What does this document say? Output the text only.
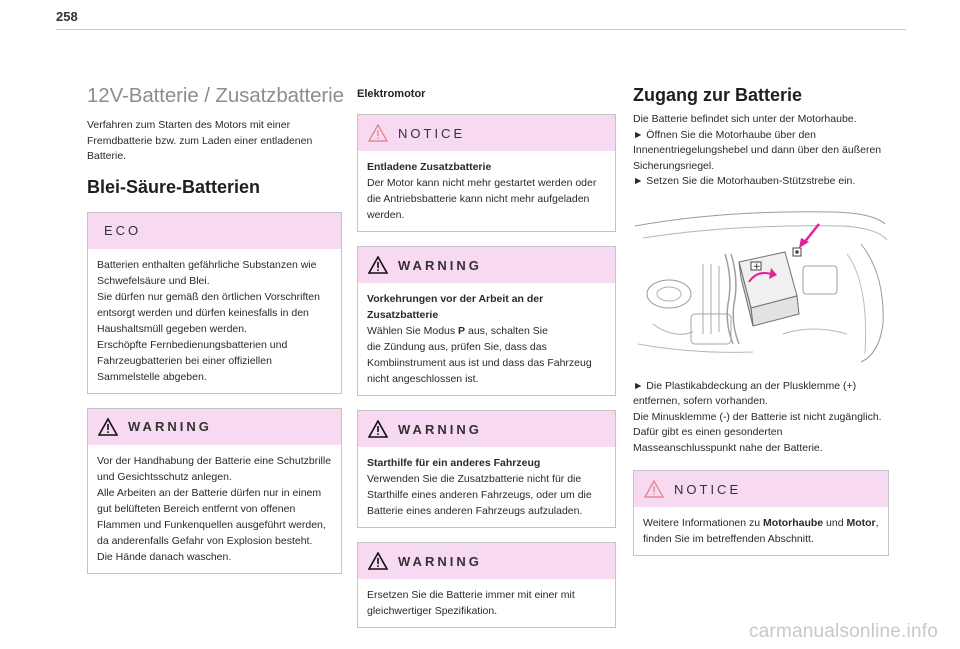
258
12V-Batterie / Zusatzbatterie

Verfahren zum Starten des Motors mit einer
Fremdbatterie bzw. zum Laden einer entladenen
Batterie.

Blei-Säure-Batterien
ECO

Batterien enthalten gefährliche Substanzen wie
Schwefelsäure und Blei.
Sie dürfen nur gemäß den örtlichen Vorschriften
entsorgt werden und dürfen keinesfalls in den
Haushaltsmüll gegeben werden.
Erschöpfte Fernbedienungsbatterien und
Fahrzeugbatterien bei einer offiziellen
Sammelstelle abgeben.

WARNING

Vor der Handhabung der Batterie eine Schutzbrille
und Gesichtsschutz anlegen.
Alle Arbeiten an der Batterie dürfen nur in einem
gut belüfteten Bereich entfernt von offenen
Flammen und Funkenquellen ausgeführt werden,
da anderenfalls Gefahr von Explosion besteht.
Die Hände danach waschen.

Elektromotor
NOTICE

Entladene Zusatzbatterie

Der Motor kann nicht mehr gestartet werden oder
die Antriebsbatterie kann nicht mehr aufgeladen
werden.

WARNING

Vorkehrungen vor der Arbeit an der
Zusatzbatterie

Wählen Sie Modus P aus, schalten Sie
die Zündung aus, prüfen Sie, dass das
Kombiinstrument aus ist und dass das Fahrzeug
nicht angeschlossen ist.

WARNING

Starthilfe für ein anderes Fahrzeug

Verwenden Sie die Zusatzbatterie nicht für die
Starthilfe eines anderen Fahrzeugs, oder um die
Batterie eines anderen Fahrzeugs aufzuladen.

WARNING

Ersetzen Sie die Batterie immer mit einer mit
gleichwertiger Spezifikation.

Zugang zur Batterie

Die Batterie befindet sich unter der Motorhaube.
► Öffnen Sie die Motorhaube über den
Innenentriegelungshebel und dann über den äußeren
Sicherungsriegel.
► Setzen Sie die Motorhauben-Stützstrebe ein.

+

► Die Plastikabdeckung an der Plusklemme (+)
entfernen, sofern vorhanden.
Die Minusklemme (-) der Batterie ist nicht zugänglich.
Dafür gibt es einen gesonderten
Masseanschlusspunkt nahe der Batterie.

NOTICE

Weitere Informationen zu Motorhaube und Motor,
finden Sie im betreffenden Abschnitt.

carmanualsonline.info
